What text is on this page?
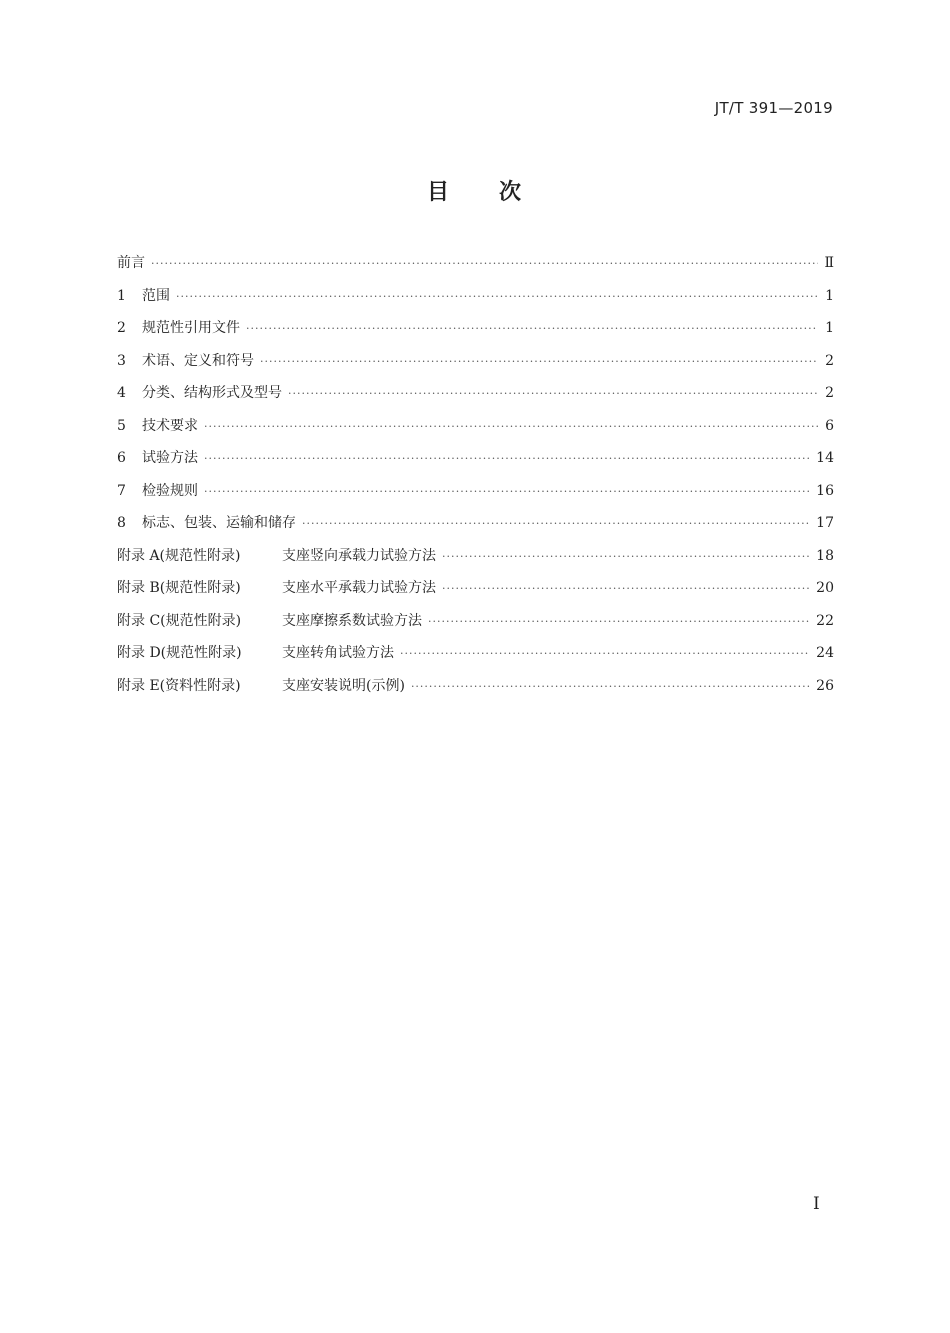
JT/T 391—2019
目 次
前言 ·····	Ⅱ
1	范围 ·····	1
2	规范性引用文件 ·····	1
3	术语、定义和符号 ·····	2
4	分类、结构形式及型号 ·····	2
5	技术要求 ·····	6
6	试验方法 ·····	14
7	检验规则 ·····	16
8	标志、包装、运输和储存 ·····	17
附录 A(规范性附录)	支座竖向承载力试验方法 ·····	18
附录 B(规范性附录)	支座水平承载力试验方法 ·····	20
附录 C(规范性附录)	支座摩擦系数试验方法 ·····	22
附录 D(规范性附录)	支座转角试验方法 ·····	24
附录 E(资料性附录)	支座安装说明(示例) ·····	26
I
